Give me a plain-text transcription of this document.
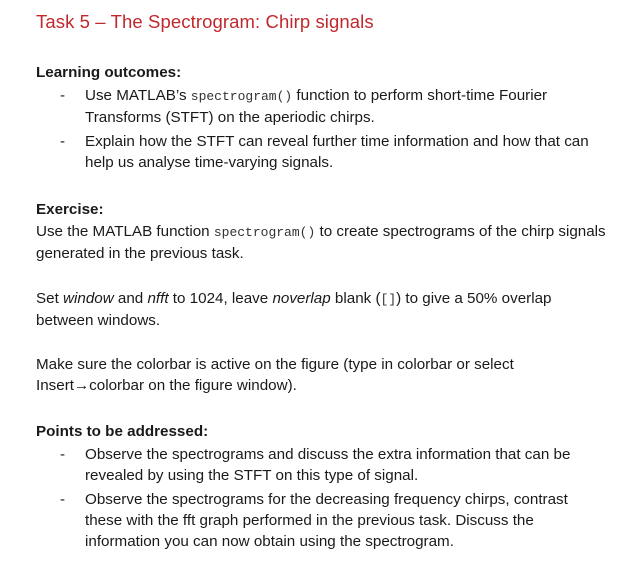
Task 5 – The Spectrogram: Chirp signals
Learning outcomes:
- Use MATLAB’s spectrogram() function to perform short-time Fourier Transforms (STFT) on the aperiodic chirps.
- Explain how the STFT can reveal further time information and how that can help us analyse time-varying signals.
Exercise:
Use the MATLAB function spectrogram() to create spectrograms of the chirp signals generated in the previous task.
Set window and nfft to 1024, leave noverlap blank ([]) to give a 50% overlap between windows.
Make sure the colorbar is active on the figure (type in colorbar or select Insert→colorbar on the figure window).
Points to be addressed:
- Observe the spectrograms and discuss the extra information that can be revealed by using the STFT on this type of signal.
- Observe the spectrograms for the decreasing frequency chirps, contrast these with the fft graph performed in the previous task. Discuss the information you can now obtain using the spectrogram.
